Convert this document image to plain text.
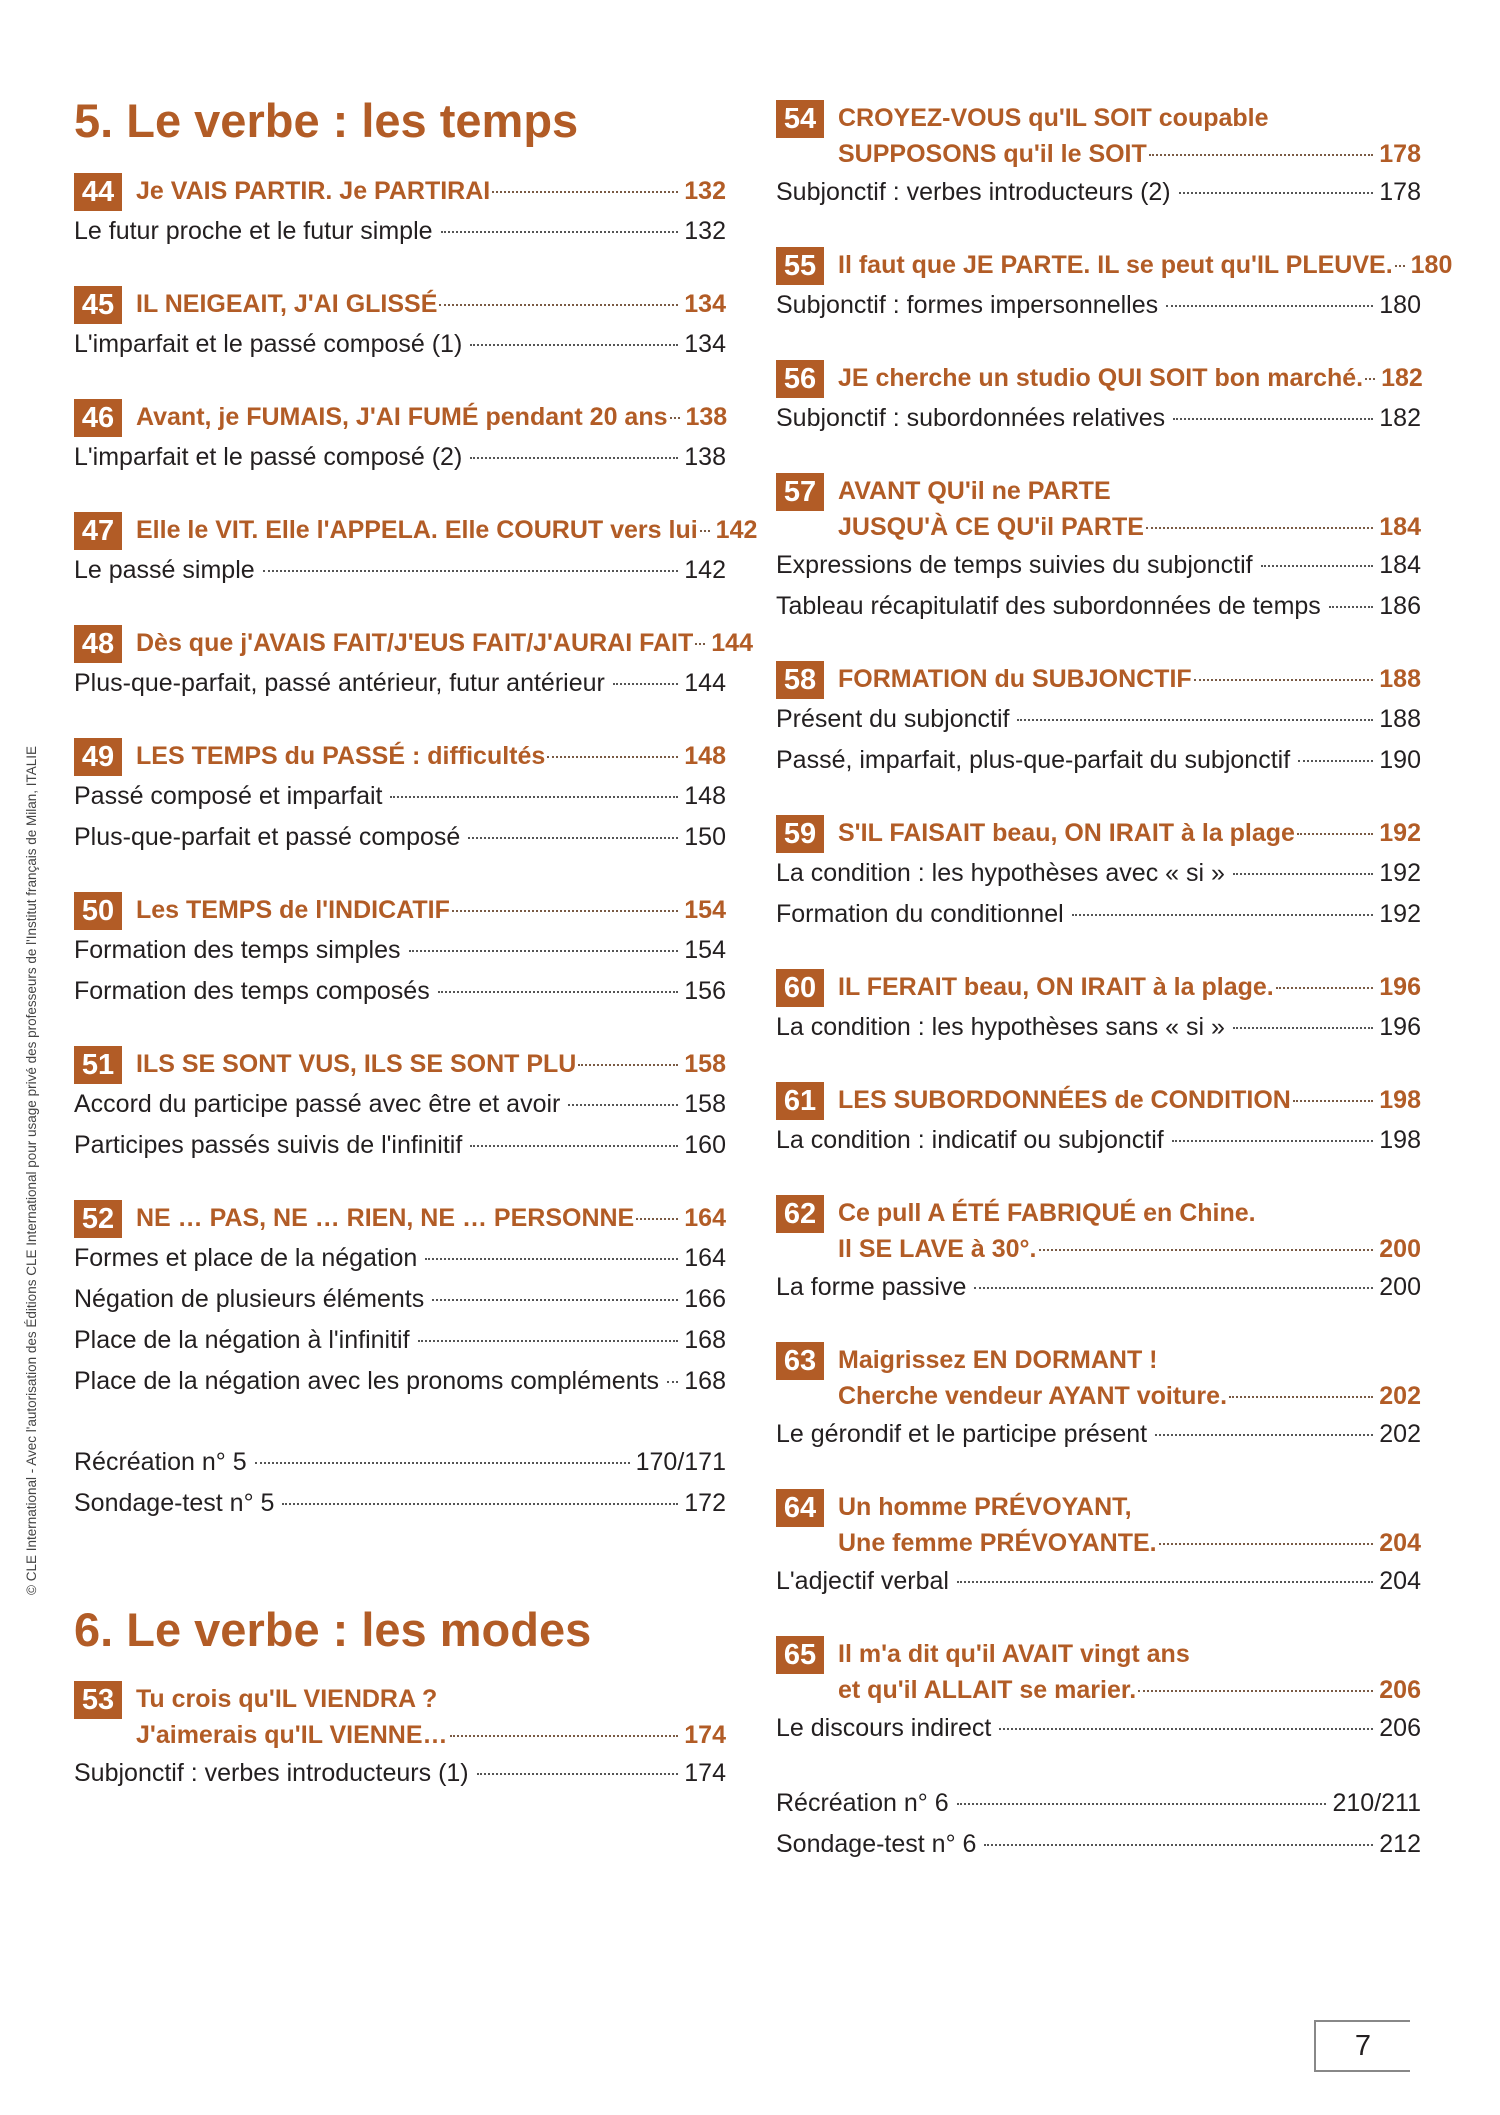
© CLE International - Avec l'autorisation des Éditions CLE International pour usage privé des professeurs de l'Institut français de Milan, ITALIE
5. Le verbe : les temps
44 Je VAIS PARTIR. Je PARTIRAI	132
Le futur proche et le futur simple	132
45 IL NEIGEAIT, J'AI GLISSÉ	134
L'imparfait et le passé composé (1)	134
46 Avant, je FUMAIS, J'AI FUMÉ pendant 20 ans 138
L'imparfait et le passé composé (2)	138
47 Elle le VIT. Elle l'APPELA. Elle COURUT vers lui 142
Le passé simple	142
48 Dès que j'AVAIS FAIT/J'EUS FAIT/J'AURAI FAIT 144
Plus-que-parfait, passé antérieur, futur antérieur	144
49 LES TEMPS du PASSÉ : difficultés	148
Passé composé et imparfait	148
Plus-que-parfait et passé composé	150
50 Les TEMPS de l'INDICATIF	154
Formation des temps simples	154
Formation des temps composés	156
51 ILS SE SONT VUS, ILS SE SONT PLU	158
Accord du participe passé avec être et avoir	158
Participes passés suivis de l'infinitif	160
52 NE … PAS, NE … RIEN, NE … PERSONNE 164
Formes et place de la négation	164
Négation de plusieurs éléments	166
Place de la négation à l'infinitif	168
Place de la négation avec les pronoms compléments 168
Récréation n° 5	170/171
Sondage-test n° 5	172
6. Le verbe : les modes
53 Tu crois qu'IL VIENDRA ?
J'aimerais qu'IL VIENNE…	174
Subjonctif : verbes introducteurs (1)	174
54 CROYEZ-VOUS qu'IL SOIT coupable
SUPPOSONS qu'il le SOIT	178
Subjonctif : verbes introducteurs (2)	178
55 Il faut que JE PARTE. IL se peut qu'IL PLEUVE. 180
Subjonctif : formes impersonnelles	180
56 JE cherche un studio QUI SOIT bon marché. 182
Subjonctif : subordonnées relatives	182
57 AVANT QU'il ne PARTE
JUSQU'À CE QU'il PARTE	184
Expressions de temps suivies du subjonctif	184
Tableau récapitulatif des subordonnées de temps 186
58 FORMATION du SUBJONCTIF	188
Présent du subjonctif	188
Passé, imparfait, plus-que-parfait du subjonctif	190
59 S'IL FAISAIT beau, ON IRAIT à la plage	192
La condition : les hypothèses avec « si »	192
Formation du conditionnel	192
60 IL FERAIT beau, ON IRAIT à la plage.	196
La condition : les hypothèses sans « si »	196
61 LES SUBORDONNÉES de CONDITION	198
La condition : indicatif ou subjonctif	198
62 Ce pull A ÉTÉ FABRIQUÉ en Chine.
Il SE LAVE à 30°.	200
La forme passive	200
63 Maigrissez EN DORMANT !
Cherche vendeur AYANT voiture.	202
Le gérondif et le participe présent	202
64 Un homme PRÉVOYANT,
Une femme PRÉVOYANTE.	204
L'adjectif verbal	204
65 Il m'a dit qu'il AVAIT vingt ans
et qu'il ALLAIT se marier.	206
Le discours indirect	206
Récréation n° 6	210/211
Sondage-test n° 6	212
7
